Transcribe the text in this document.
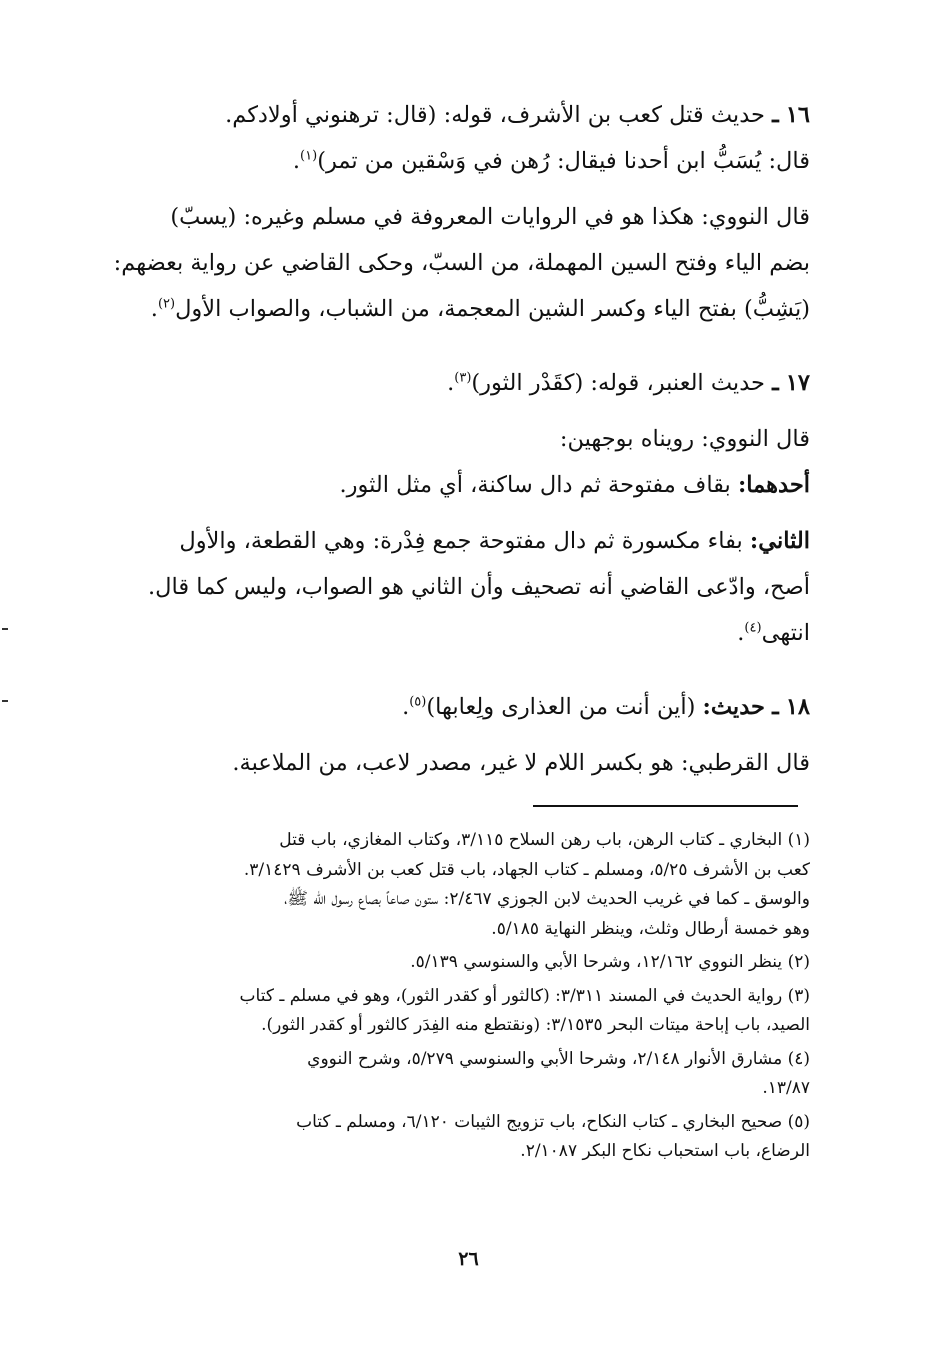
١٦ ـ حديث قتل كعب بن الأشرف، قوله: (قال: ترهنوني أولادكم.
قال: يُسَبُّ ابن أحدنا فيقال: رُهن في وَسْقين من تمر)$^{(١)}$.
قال النووي: هكذا هو في الروايات المعروفة في مسلم وغيره: (يسبّ)
بضم الياء وفتح السين المهملة، من السبّ، وحكى القاضي عن رواية بعضهم:
(يَشِبُّ) بفتح الياء وكسر الشين المعجمة، من الشباب، والصواب الأول$^{(٢)}$.
١٧ ـ حديث العنبر، قوله: (كقَدْر الثور)$^{(٣)}$.
قال النووي: رويناه بوجهين:
أحدهما: بقاف مفتوحة ثم دال ساكنة، أي مثل الثور.
الثاني: بفاء مكسورة ثم دال مفتوحة جمع فِدْرة: وهي القطعة، والأول
أصح، وادّعى القاضي أنه تصحيف وأن الثاني هو الصواب، وليس كما قال.
انتهى$^{(٤)}$.
١٨ ـ حديث: (أين أنت من العذارى ولِعابها)$^{(٥)}$.
قال القرطبي: هو بكسر اللام لا غير، مصدر لاعب، من الملاعبة.
(١) البخاري ـ كتاب الرهن، باب رهن السلاح ٣/١١٥، وكتاب المغازي، باب قتل
كعب بن الأشرف ٥/٢٥، ومسلم ـ كتاب الجهاد، باب قتل كعب بن الأشرف ٣/١٤٢٩.
والوسق ـ كما في غريب الحديث لابن الجوزي ٢/٤٦٧: ستون صاعاً بصاع رسول الله ﷺ،
وهو خمسة أرطال وثلث، وينظر النهاية ٥/١٨٥.
(٢) ينظر النووي ١٢/١٦٢، وشرحا الأبي والسنوسي ٥/١٣٩.
(٣) رواية الحديث في المسند ٣/٣١١: (كالثور أو كقدر الثور)، وهو في مسلم ـ كتاب
الصيد، باب إباحة ميتات البحر ٣/١٥٣٥: (ونقتطع منه الفِدَر كالثور أو كقدر الثور).
(٤) مشارق الأنوار ٢/١٤٨، وشرحا الأبي والسنوسي ٥/٢٧٩، وشرح النووي
١٣/٨٧.
(٥) صحيح البخاري ـ كتاب النكاح، باب تزويج الثيبات ٦/١٢٠، ومسلم ـ كتاب
الرضاع، باب استحباب نكاح البكر ٢/١٠٨٧.
٢٦
